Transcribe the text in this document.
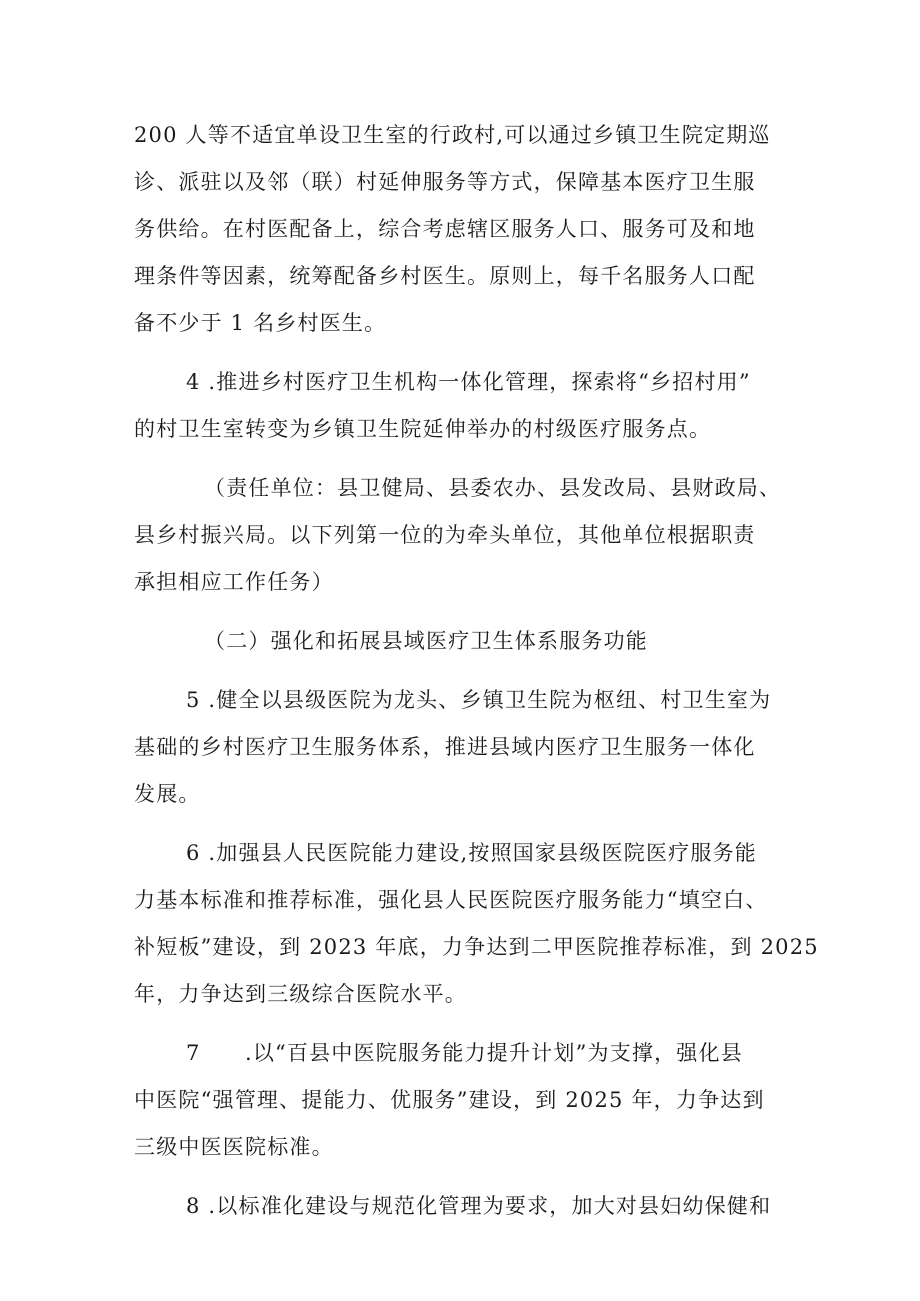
200 人等不适宜单设卫生室的行政村,可以通过乡镇卫生院定期巡
诊、派驻以及邻（联）村延伸服务等方式，保障基本医疗卫生服
务供给。在村医配备上，综合考虑辖区服务人口、服务可及和地
理条件等因素，统筹配备乡村医生。原则上，每千名服务人口配
备不少于 1 名乡村医生。

4 .推进乡村医疗卫生机构一体化管理，探索将“乡招村用”
的村卫生室转变为乡镇卫生院延伸举办的村级医疗服务点。

（责任单位：县卫健局、县委农办、县发改局、县财政局、
县乡村振兴局。以下列第一位的为牵头单位，其他单位根据职责
承担相应工作任务）

（二）强化和拓展县域医疗卫生体系服务功能

5 .健全以县级医院为龙头、乡镇卫生院为枢纽、村卫生室为
基础的乡村医疗卫生服务体系，推进县域内医疗卫生服务一体化
发展。

6 .加强县人民医院能力建设,按照国家县级医院医疗服务能
力基本标准和推荐标准，强化县人民医院医疗服务能力“填空白、
补短板”建设，到 2023 年底，力争达到二甲医院推荐标准，到 2025
年，力争达到三级综合医院水平。

7　　.以“百县中医院服务能力提升计划”为支撑，强化县
中医院“强管理、提能力、优服务”建设，到 2025 年，力争达到
三级中医医院标准。

8 .以标准化建设与规范化管理为要求，加大对县妇幼保健和
